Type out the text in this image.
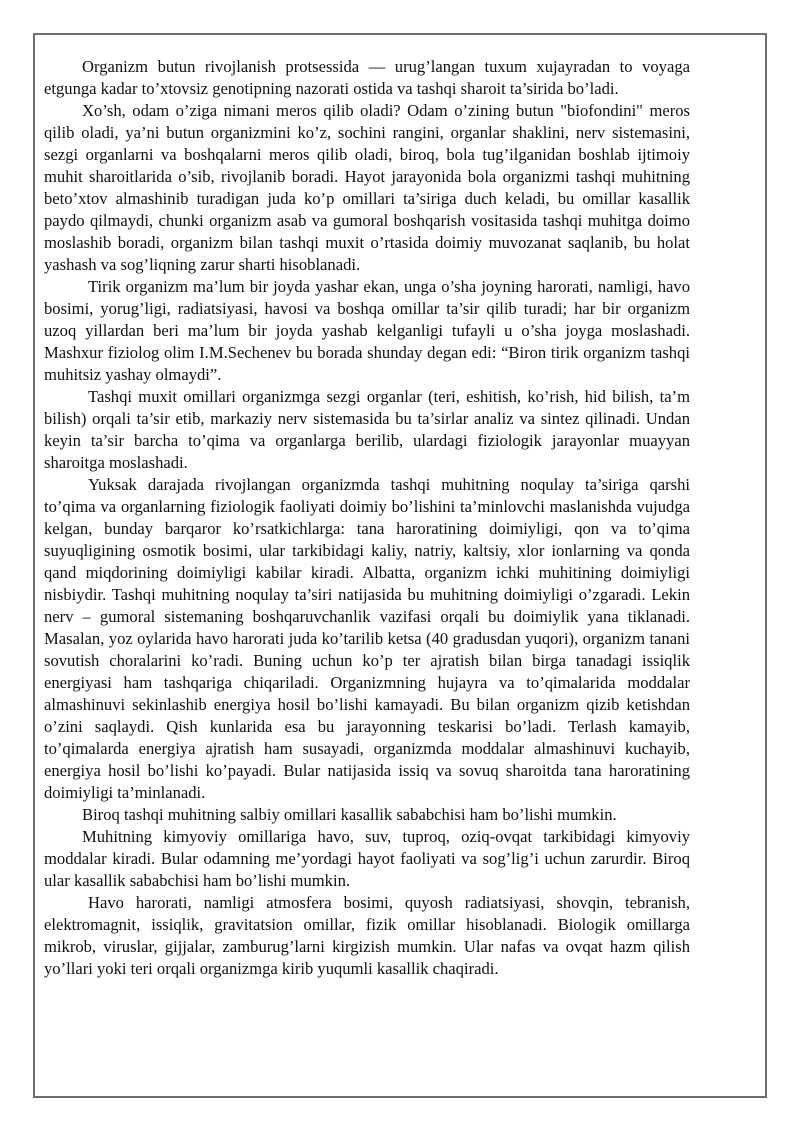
Organizm butun rivojlanish protsessida — urug’langan tuxum xujayradan to voyaga etgunga kadar to’xtovsiz genotipning nazorati ostida va tashqi sharoit ta’sirida bo’ladi.

Xo’sh, odam o’ziga nimani meros qilib oladi? Odam o’zining butun "biofondini" meros qilib oladi, ya’ni butun organizmini ko’z, sochini rangini, organlar shaklini, nerv sistemasini, sezgi organlarni va boshqalarni meros qilib oladi, biroq, bola tug’ilganidan boshlab ijtimoiy muhit sharoitlarida o’sib, rivojlanib boradi. Hayot jarayonida bola organizmi tashqi muhitning beto’xtov almashinib turadigan juda ko’p omillari ta’siriga duch keladi, bu omillar kasallik paydo qilmaydi, chunki organizm asab va gumoral boshqarish vositasida tashqi muhitga doimo moslashib boradi, organizm bilan tashqi muxit o’rtasida doimiy muvozanat saqlanib, bu holat yashash va sog’liqning zarur sharti hisoblanadi.

Tirik organizm ma’lum bir joyda yashar ekan, unga o’sha joyning harorati, namligi, havo bosimi, yorug’ligi, radiatsiyasi, havosi va boshqa omillar ta’sir qilib turadi; har bir organizm uzoq yillardan beri ma’lum bir joyda yashab kelganligi tufayli u o’sha joyga moslashadi. Mashxur fiziolog olim I.M.Sechenev bu borada shunday degan edi: “Biron tirik organizm tashqi muhitsiz yashay olmaydi”.

Tashqi muxit omillari organizmga sezgi organlar (teri, eshitish, ko’rish, hid bilish, ta’m bilish) orqali ta’sir etib, markaziy nerv sistemasida bu ta’sirlar analiz va sintez qilinadi. Undan keyin ta’sir barcha to’qima va organlarga berilib, ulardagi fiziologik jarayonlar muayyan sharoitga moslashadi.

Yuksak darajada rivojlangan organizmda tashqi muhitning noqulay ta’siriga qarshi to’qima va organlarning fiziologik faoliyati doimiy bo’lishini ta’minlovchi maslanishda vujudga kelgan, bunday barqaror ko’rsatkichlarga: tana haroratining doimiyligi, qon va to’qima suyuqligining osmotik bosimi, ular tarkibidagi kaliy, natriy, kaltsiy, xlor ionlarning va qonda qand miqdorining doimiyligi kabilar kiradi. Albatta, organizm ichki muhitining doimiyligi nisbiydir. Tashqi muhitning noqulay ta’siri natijasida bu muhitning doimiyligi o’zgaradi. Lekin nerv – gumoral sistemaning boshqaruvchanlik vazifasi orqali bu doimiylik yana tiklanadi. Masalan, yoz oylarida havo harorati juda ko’tarilib ketsa (40 gradusdan yuqori), organizm tanani sovutish choralarini ko’radi. Buning uchun ko’p ter ajratish bilan birga tanadagi issiqlik energiyasi ham tashqariga chiqariladi. Organizmning hujayra va to’qimalarida moddalar almashinuvi sekinlashib energiya hosil bo’lishi kamayadi. Bu bilan organizm qizib ketishdan o’zini saqlaydi. Qish kunlarida esa bu jarayonning teskarisi bo’ladi. Terlash kamayib, to’qimalarda energiya ajratish ham susayadi, organizmda moddalar almashinuvi kuchayib, energiya hosil bo’lishi ko’payadi. Bular natijasida issiq va sovuq sharoitda tana haroratining doimiyligi ta’minlanadi.

Biroq tashqi muhitning salbiy omillari kasallik sababchisi ham bo’lishi mumkin.

Muhitning kimyoviy omillariga havo, suv, tuproq, oziq-ovqat tarkibidagi kimyoviy moddalar kiradi. Bular odamning me’yordagi hayot faoliyati va sog’lig’i uchun zarurdir. Biroq ular kasallik sababchisi ham bo’lishi mumkin.

Havo harorati, namligi atmosfera bosimi, quyosh radiatsiyasi, shovqin, tebranish, elektromagnit, issiqlik, gravitatsion omillar, fizik omillar hisoblanadi. Biologik omillarga mikrob, viruslar, gijjalar, zamburug’larni kirgizish mumkin. Ular nafas va ovqat hazm qilish yo’llari yoki teri orqali organizmga kirib yuqumli kasallik chaqiradi.
